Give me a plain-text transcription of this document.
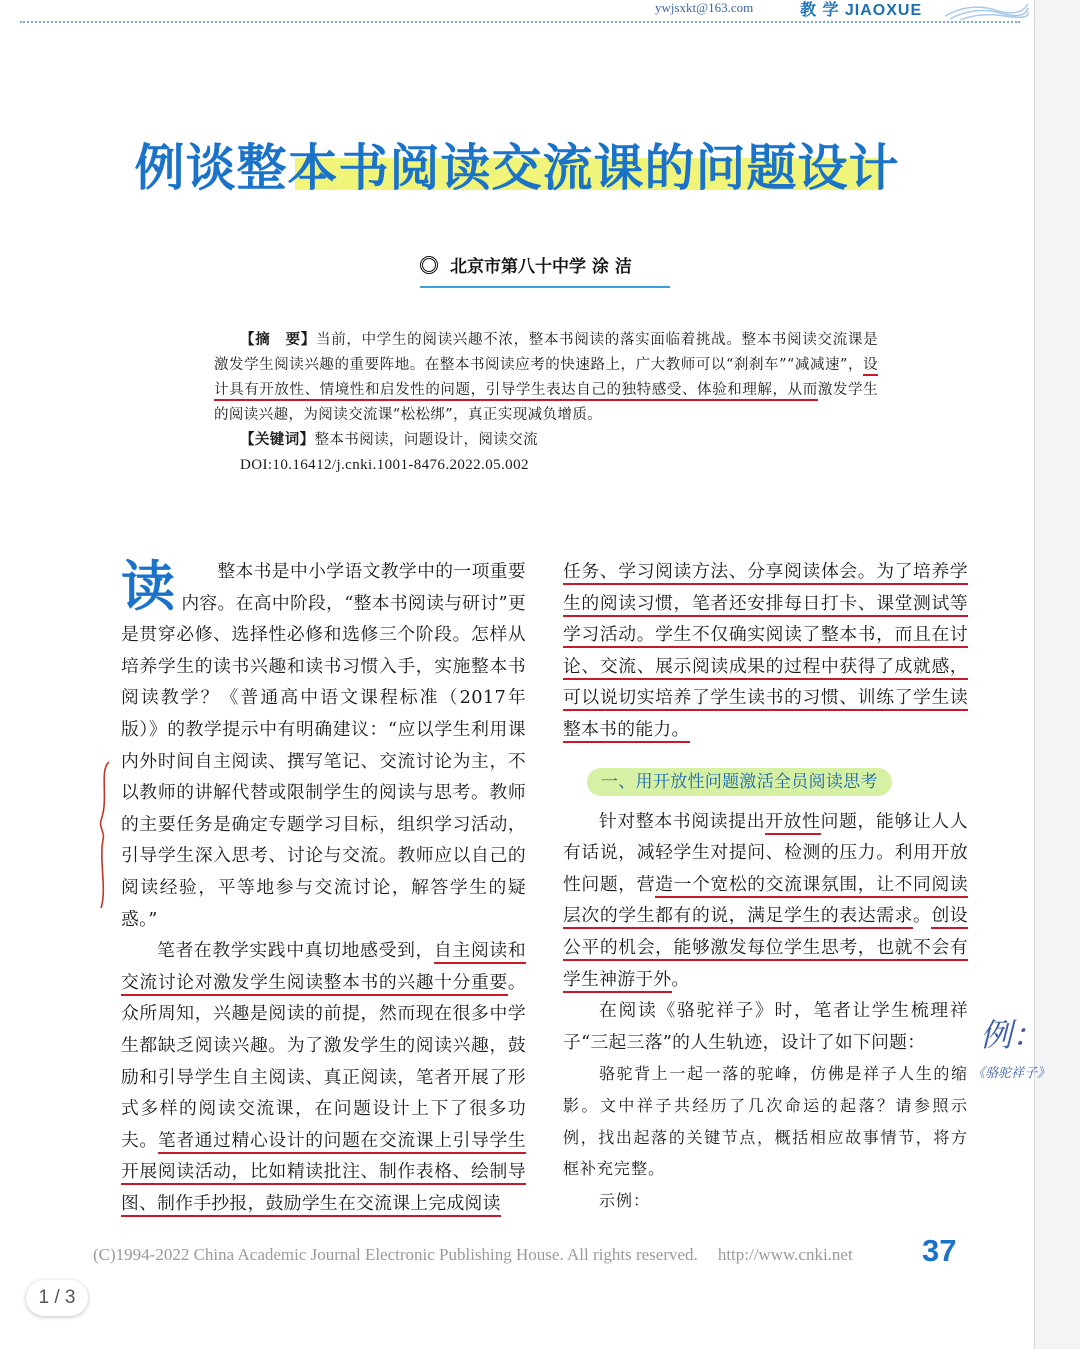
ywjsxkt@163.com	教 学 JIAOXUE
例谈整本书阅读交流课的问题设计
北京市第八十中学 涂 洁

【摘　要】当前，中学生的阅读兴趣不浓，整本书阅读的落实面临着挑战。整本书阅读交流课是激发学生阅读兴趣的重要阵地。在整本书阅读应考的快速路上，广大教师可以“刹刹车”“减减速”，设计具有开放性、情境性和启发性的问题，引导学生表达自己的独特感受、体验和理解，从而激发学生的阅读兴趣，为阅读交流课“松松绑”，真正实现减负增质。

【关键词】整本书阅读，问题设计，阅读交流

DOI:10.16412/j.cnki.1001-8476.2022.05.002

读 整本书是中小学语文教学中的一项重要内容。在高中阶段，“整本书阅读与研讨”更是贯穿必修、选择性必修和选修三个阶段。怎样从培养学生的读书兴趣和读书习惯入手，实施整本书阅读教学？《普通高中语文课程标准（2017年版）》的教学提示中有明确建议：“应以学生利用课内外时间自主阅读、撰写笔记、交流讨论为主，不以教师的讲解代替或限制学生的阅读与思考。教师的主要任务是确定专题学习目标，组织学习活动，引导学生深入思考、讨论与交流。教师应以自己的阅读经验，平等地参与交流讨论，解答学生的疑惑。”

笔者在教学实践中真切地感受到，自主阅读和交流讨论对激发学生阅读整本书的兴趣十分重要。众所周知，兴趣是阅读的前提，然而现在很多中学生都缺乏阅读兴趣。为了激发学生的阅读兴趣，鼓励和引导学生自主阅读、真正阅读，笔者开展了形式多样的阅读交流课，在问题设计上下了很多功夫。笔者通过精心设计的问题在交流课上引导学生开展阅读活动，比如精读批注、制作表格、绘制导图、制作手抄报，鼓励学生在交流课上完成阅读

任务、学习阅读方法、分享阅读体会。为了培养学生的阅读习惯，笔者还安排每日打卡、课堂测试等学习活动。学生不仅确实阅读了整本书，而且在讨论、交流、展示阅读成果的过程中获得了成就感，可以说切实培养了学生读书的习惯、训练了学生读整本书的能力。

一、用开放性问题激活全员阅读思考

针对整本书阅读提出开放性问题，能够让人人有话说，减轻学生对提问、检测的压力。利用开放性问题，营造一个宽松的交流课氛围，让不同阅读层次的学生都有的说，满足学生的表达需求。创设公平的机会，能够激发每位学生思考，也就不会有学生神游于外。

在阅读《骆驼祥子》时，笔者让学生梳理祥子“三起三落”的人生轨迹，设计了如下问题：

骆驼背上一起一落的驼峰，仿佛是祥子人生的缩影。文中祥子共经历了几次命运的起落？请参照示例，找出起落的关键节点，概括相应故事情节，将方框补充完整。

示例：

(C)1994-2022 China Academic Journal Electronic Publishing House. All rights reserved. http://www.cnki.net 37
例：
《骆驼祥子》
1 / 3
